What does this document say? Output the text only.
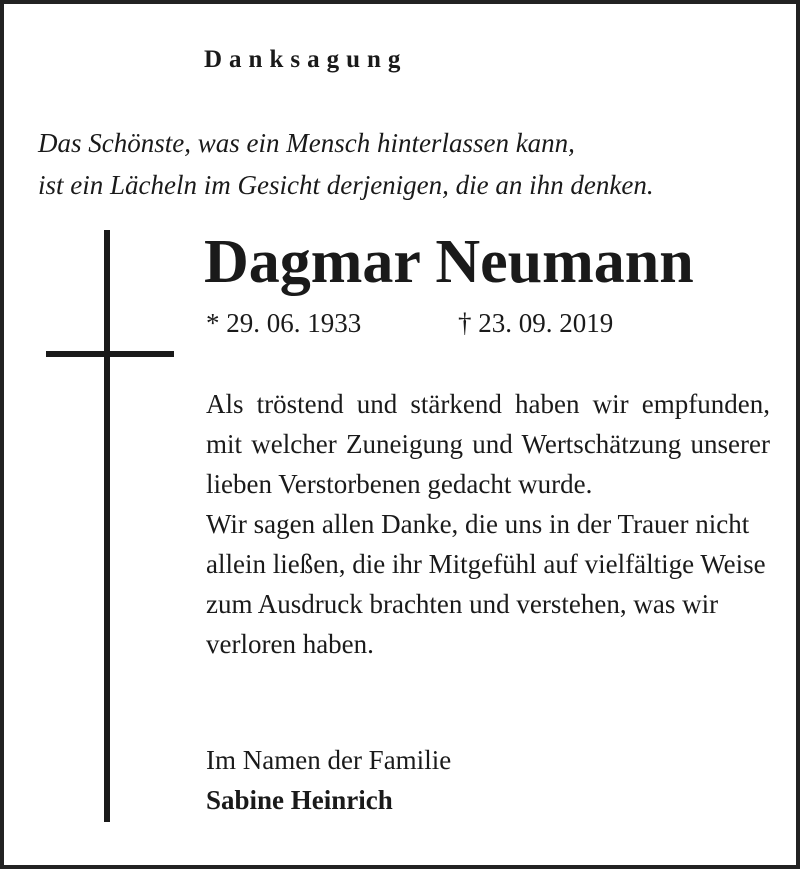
Danksagung
Das Schönste, was ein Mensch hinterlassen kann,
ist ein Lächeln im Gesicht derjenigen, die an ihn denken.
Dagmar Neumann
* 29. 06. 1933	† 23. 09. 2019

Als tröstend und stärkend haben wir empfunden, mit welcher Zuneigung und Wertschätzung unserer lieben Verstorbenen gedacht wurde.

Wir sagen allen Danke, die uns in der Trauer nicht allein ließen, die ihr Mitgefühl auf vielfältige Weise zum Ausdruck brachten und verstehen, was wir verloren haben.

Im Namen der Familie
Sabine Heinrich
